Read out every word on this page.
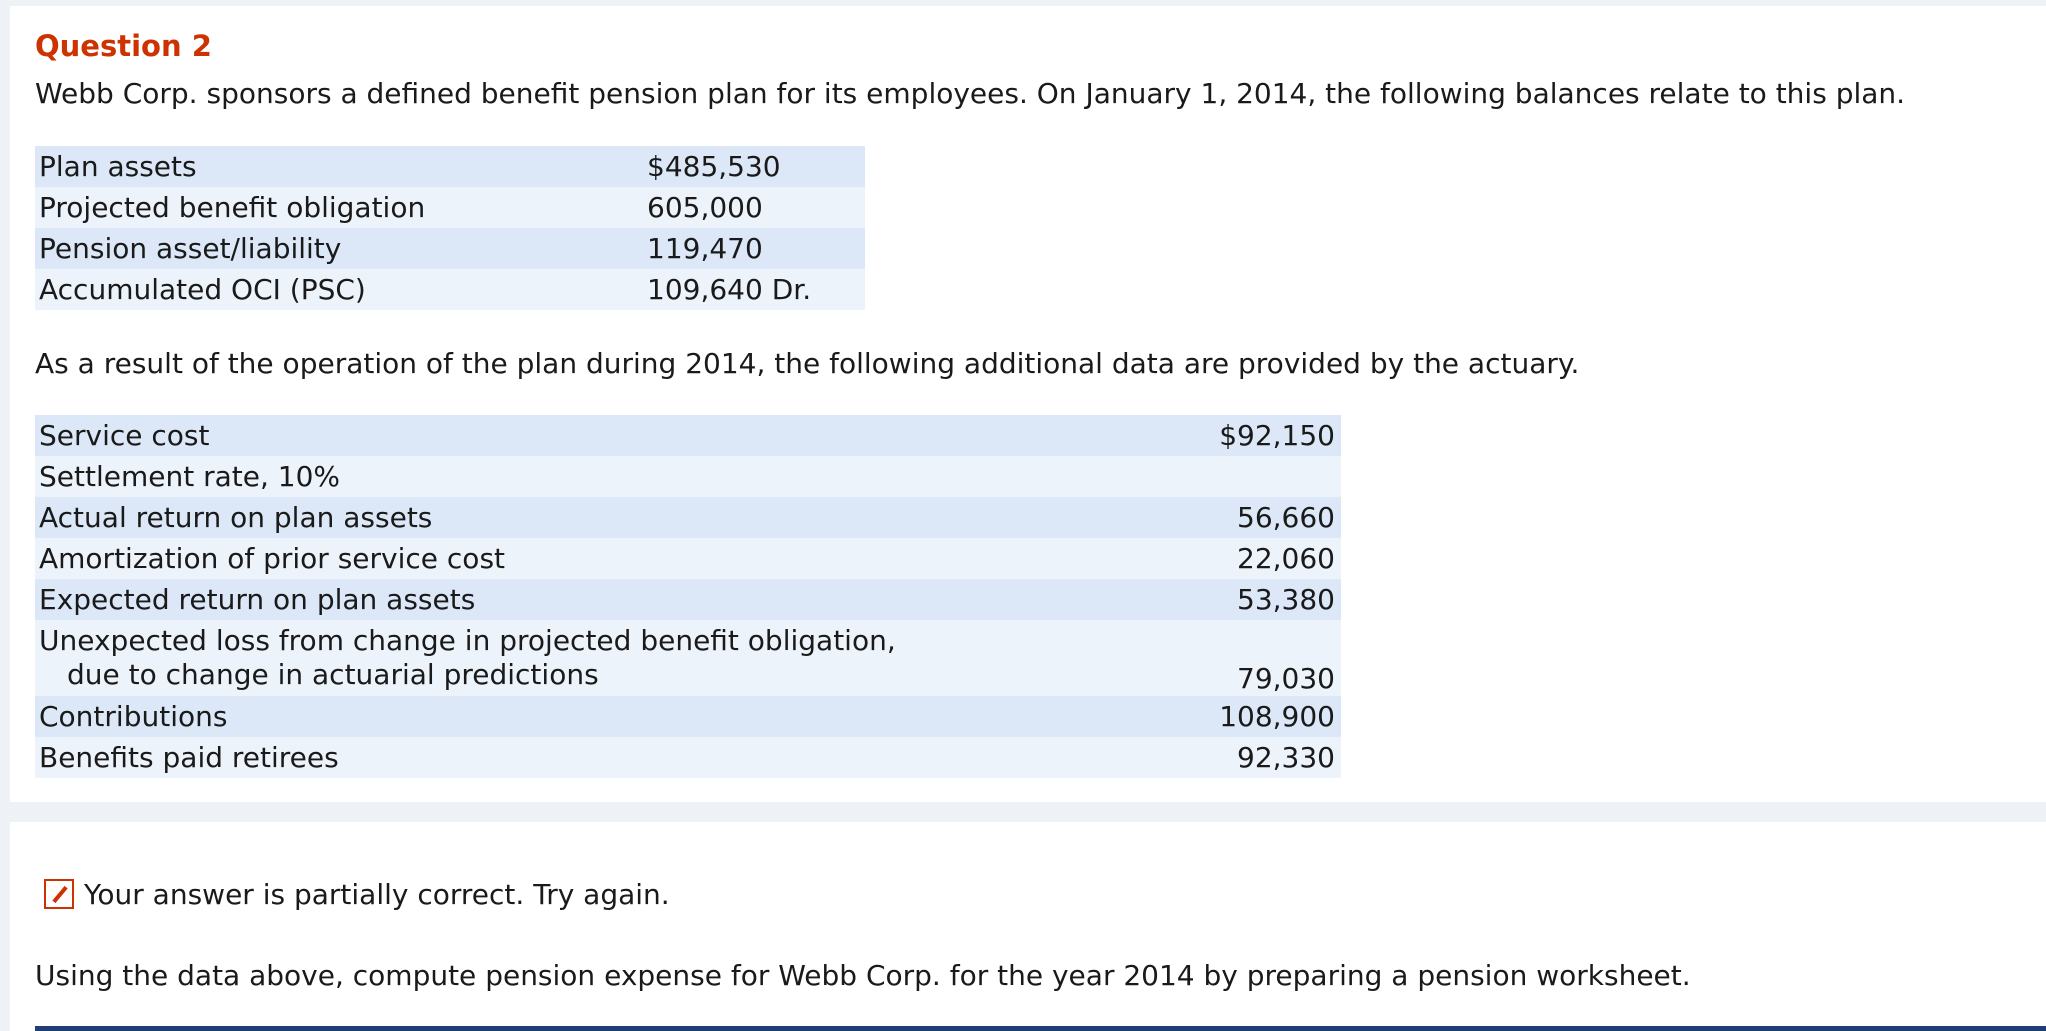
Question 2
Webb Corp. sponsors a defined benefit pension plan for its employees. On January 1, 2014, the following balances relate to this plan.
Plan assets	$485,530
Projected benefit obligation	605,000
Pension asset/liability	119,470
Accumulated OCI (PSC)	109,640 Dr.
As a result of the operation of the plan during 2014, the following additional data are provided by the actuary.
Service cost	$92,150
Settlement rate, 10%	
Actual return on plan assets	56,660
Amortization of prior service cost	22,060
Expected return on plan assets	53,380
Unexpected loss from change in projected benefit obligation,
due to change in actuarial predictions	79,030
Contributions	108,900
Benefits paid retirees	92,330
Your answer is partially correct. Try again.
Using the data above, compute pension expense for Webb Corp. for the year 2014 by preparing a pension worksheet.
